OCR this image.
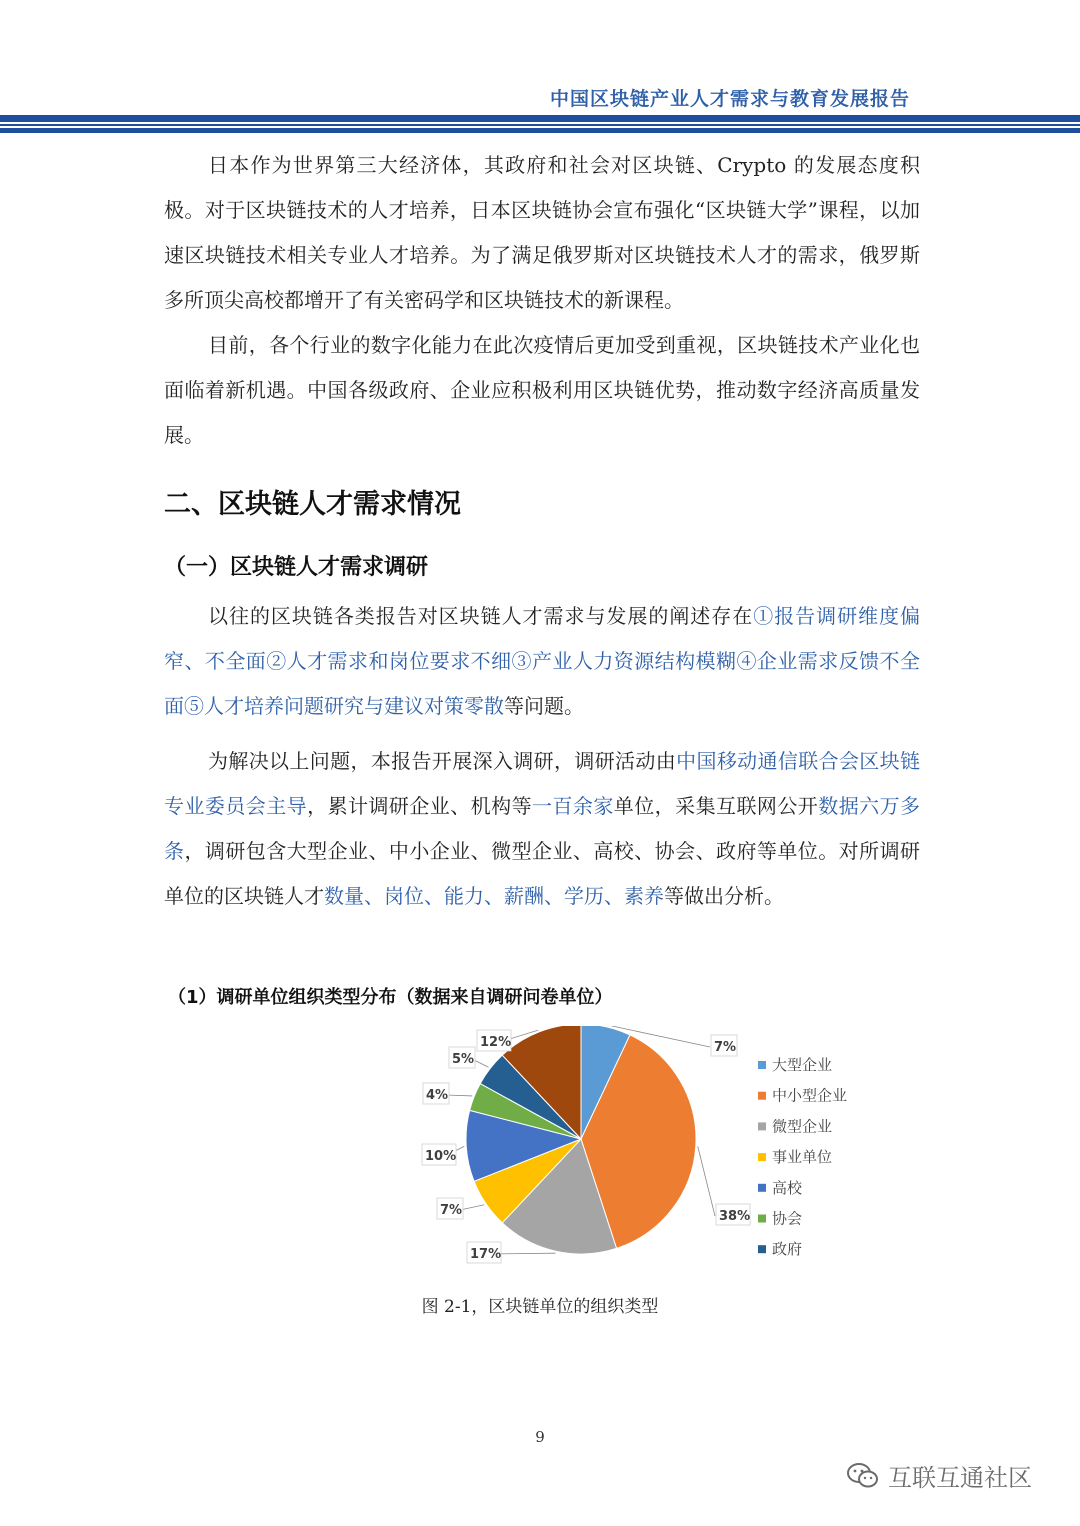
中国区块链产业人才需求与教育发展报告

日本作为世界第三大经济体，其政府和社会对区块链、Crypto 的发展态度积极。对于区块链技术的人才培养，日本区块链协会宣布强化“区块链大学”课程，以加速区块链技术相关专业人才培养。为了满足俄罗斯对区块链技术人才的需求，俄罗斯多所顶尖高校都增开了有关密码学和区块链技术的新课程。

目前，各个行业的数字化能力在此次疫情后更加受到重视，区块链技术产业化也面临着新机遇。中国各级政府、企业应积极利用区块链优势，推动数字经济高质量发展。

二、区块链人才需求情况
（一）区块链人才需求调研

以往的区块链各类报告对区块链人才需求与发展的阐述存在①报告调研维度偏窄、不全面②人才需求和岗位要求不细③产业人力资源结构模糊④企业需求反馈不全面⑤人才培养问题研究与建议对策零散等问题。

为解决以上问题，本报告开展深入调研，调研活动由中国移动通信联合会区块链专业委员会主导，累计调研企业、机构等一百余家单位，采集互联网公开数据六万多条，调研包含大型企业、中小企业、微型企业、高校、协会、政府等单位。对所调研单位的区块链人才数量、岗位、能力、薪酬、学历、素养等做出分析。

（1）调研单位组织类型分布（数据来自调研问卷单位）
7%
38%
17%
7%
10%
4%
5%
12%
大型企业
中小型企业
微型企业
事业单位
高校
协会
政府
图 2-1，区块链单位的组织类型
9
互联互通社区
